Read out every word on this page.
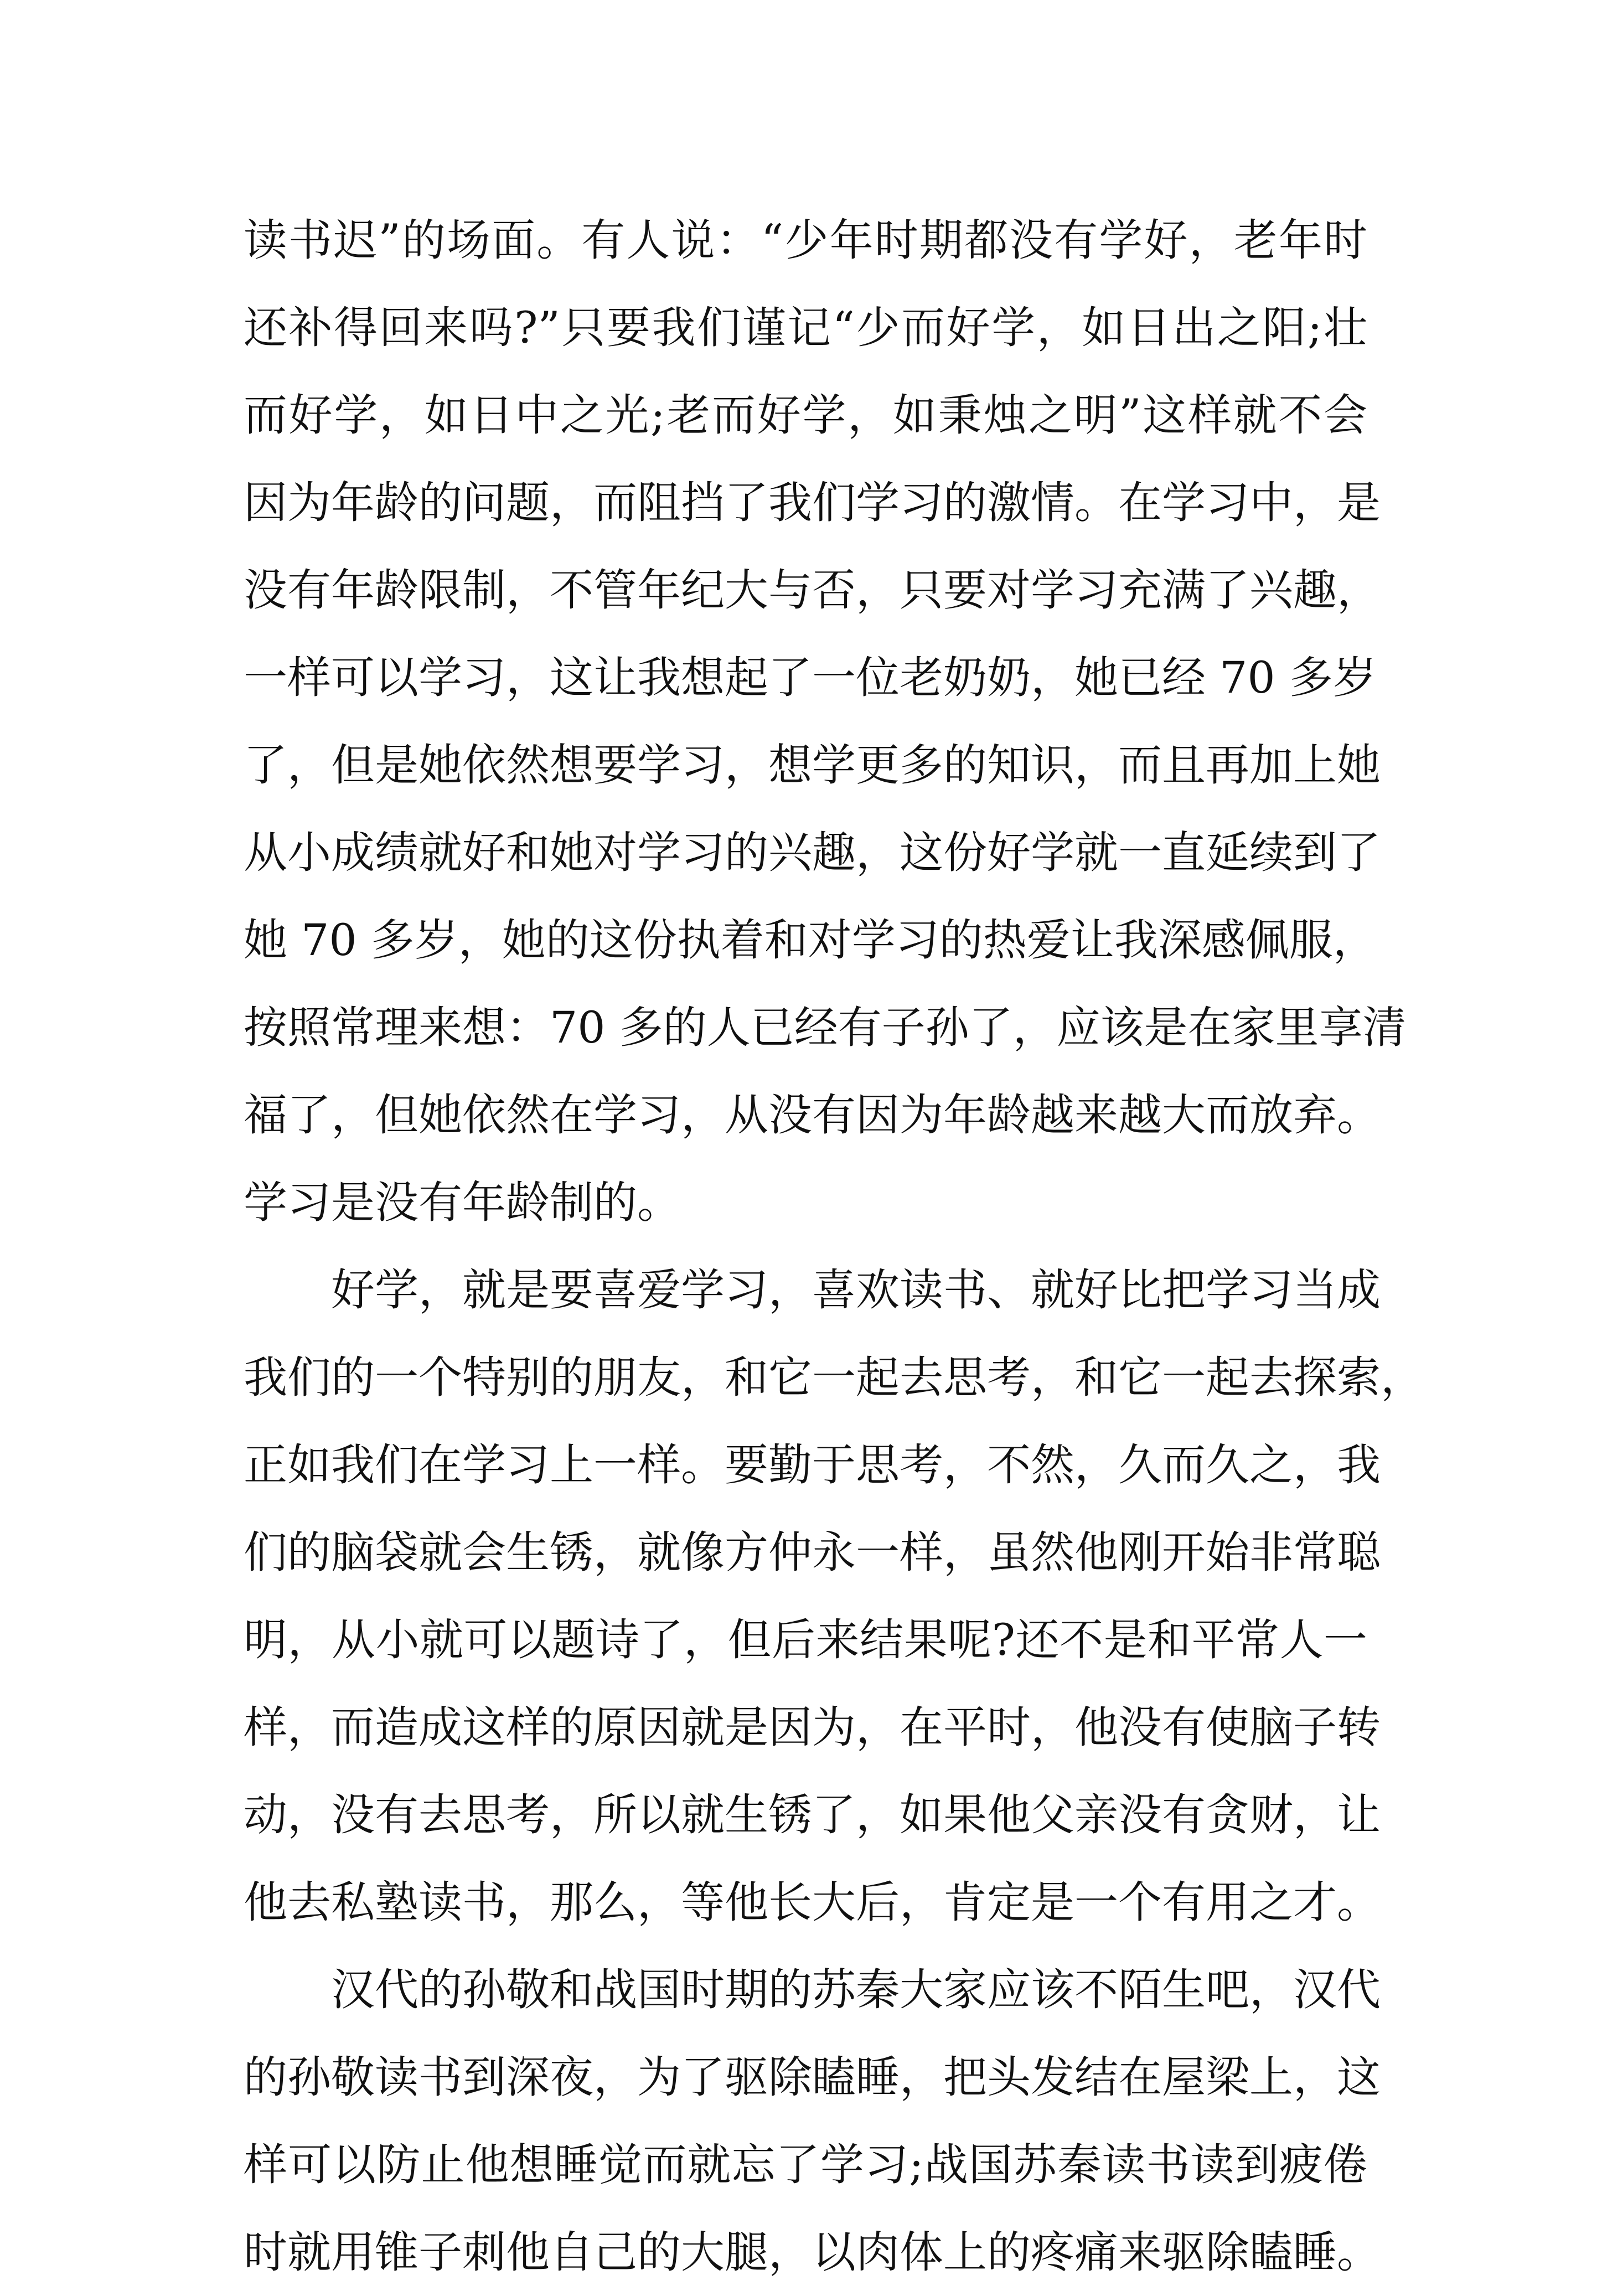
读书迟”的场面。有人说：“少年时期都没有学好，老年时
还补得回来吗?”只要我们谨记“少而好学，如日出之阳;壮
而好学，如日中之光;老而好学，如秉烛之明”这样就不会
因为年龄的问题，而阻挡了我们学习的激情。在学习中，是
没有年龄限制，不管年纪大与否，只要对学习充满了兴趣，
一样可以学习，这让我想起了一位老奶奶，她已经 70 多岁
了，但是她依然想要学习，想学更多的知识，而且再加上她
从小成绩就好和她对学习的兴趣，这份好学就一直延续到了
她 70 多岁，她的这份执着和对学习的热爱让我深感佩服，
按照常理来想：70 多的人已经有子孙了，应该是在家里享清
福了，但她依然在学习，从没有因为年龄越来越大而放弃。
学习是没有年龄制的。
好学，就是要喜爱学习，喜欢读书、就好比把学习当成
我们的一个特别的朋友，和它一起去思考，和它一起去探索，
正如我们在学习上一样。要勤于思考，不然，久而久之，我
们的脑袋就会生锈，就像方仲永一样，虽然他刚开始非常聪
明，从小就可以题诗了，但后来结果呢?还不是和平常人一
样，而造成这样的原因就是因为，在平时，他没有使脑子转
动，没有去思考，所以就生锈了，如果他父亲没有贪财，让
他去私塾读书，那么，等他长大后，肯定是一个有用之才。
汉代的孙敬和战国时期的苏秦大家应该不陌生吧，汉代
的孙敬读书到深夜，为了驱除瞌睡，把头发结在屋梁上，这
样可以防止他想睡觉而就忘了学习;战国苏秦读书读到疲倦
时就用锥子刺他自己的大腿，以肉体上的疼痛来驱除瞌睡。
